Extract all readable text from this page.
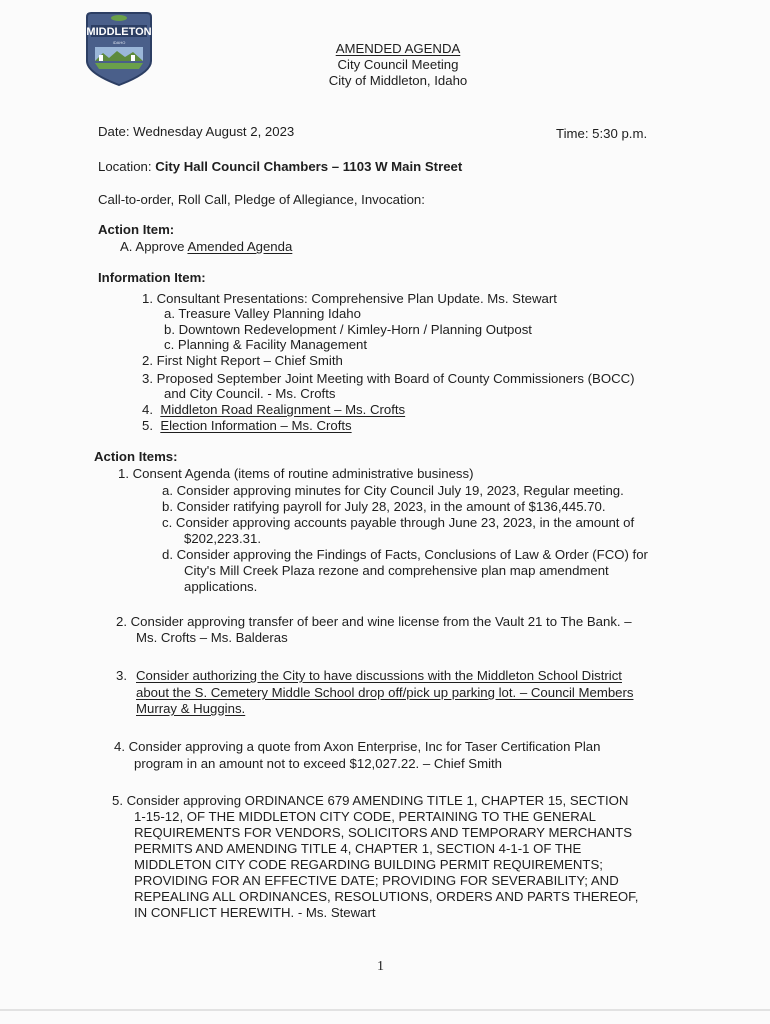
MIDDLETON
IDAHO	AMENDED AGENDA
City Council Meeting
City of Middleton, Idaho
Date: Wednesday August 2, 2023	Time: 5:30 p.m.
Location: City Hall Council Chambers – 1103 W Main Street
Call-to-order, Roll Call, Pledge of Allegiance, Invocation:
Action Item:
A. Approve Amended Agenda
Information Item:
1. Consultant Presentations: Comprehensive Plan Update. Ms. Stewart
a. Treasure Valley Planning Idaho
b. Downtown Redevelopment / Kimley-Horn / Planning Outpost
c. Planning & Facility Management
2. First Night Report – Chief Smith
3. Proposed September Joint Meeting with Board of County Commissioners (BOCC)
and City Council. - Ms. Crofts
4. Middleton Road Realignment – Ms. Crofts
5. Election Information – Ms. Crofts
Action Items:
1. Consent Agenda (items of routine administrative business)
a. Consider approving minutes for City Council July 19, 2023, Regular meeting.
b. Consider ratifying payroll for July 28, 2023, in the amount of $136,445.70.
c. Consider approving accounts payable through June 23, 2023, in the amount of
$202,223.31.
d. Consider approving the Findings of Facts, Conclusions of Law & Order (FCO) for
City's Mill Creek Plaza rezone and comprehensive plan map amendment
applications.
2. Consider approving transfer of beer and wine license from the Vault 21 to The Bank. –
Ms. Crofts – Ms. Balderas
3. Consider authorizing the City to have discussions with the Middleton School District
about the S. Cemetery Middle School drop off/pick up parking lot. – Council Members
Murray & Huggins.
4. Consider approving a quote from Axon Enterprise, Inc for Taser Certification Plan
program in an amount not to exceed $12,027.22. – Chief Smith
5. Consider approving ORDINANCE 679 AMENDING TITLE 1, CHAPTER 15, SECTION
1-15-12, OF THE MIDDLETON CITY CODE, PERTAINING TO THE GENERAL
REQUIREMENTS FOR VENDORS, SOLICITORS AND TEMPORARY MERCHANTS
PERMITS AND AMENDING TITLE 4, CHAPTER 1, SECTION 4-1-1 OF THE
MIDDLETON CITY CODE REGARDING BUILDING PERMIT REQUIREMENTS;
PROVIDING FOR AN EFFECTIVE DATE; PROVIDING FOR SEVERABILITY; AND
REPEALING ALL ORDINANCES, RESOLUTIONS, ORDERS AND PARTS THEREOF,
IN CONFLICT HEREWITH. - Ms. Stewart
1
